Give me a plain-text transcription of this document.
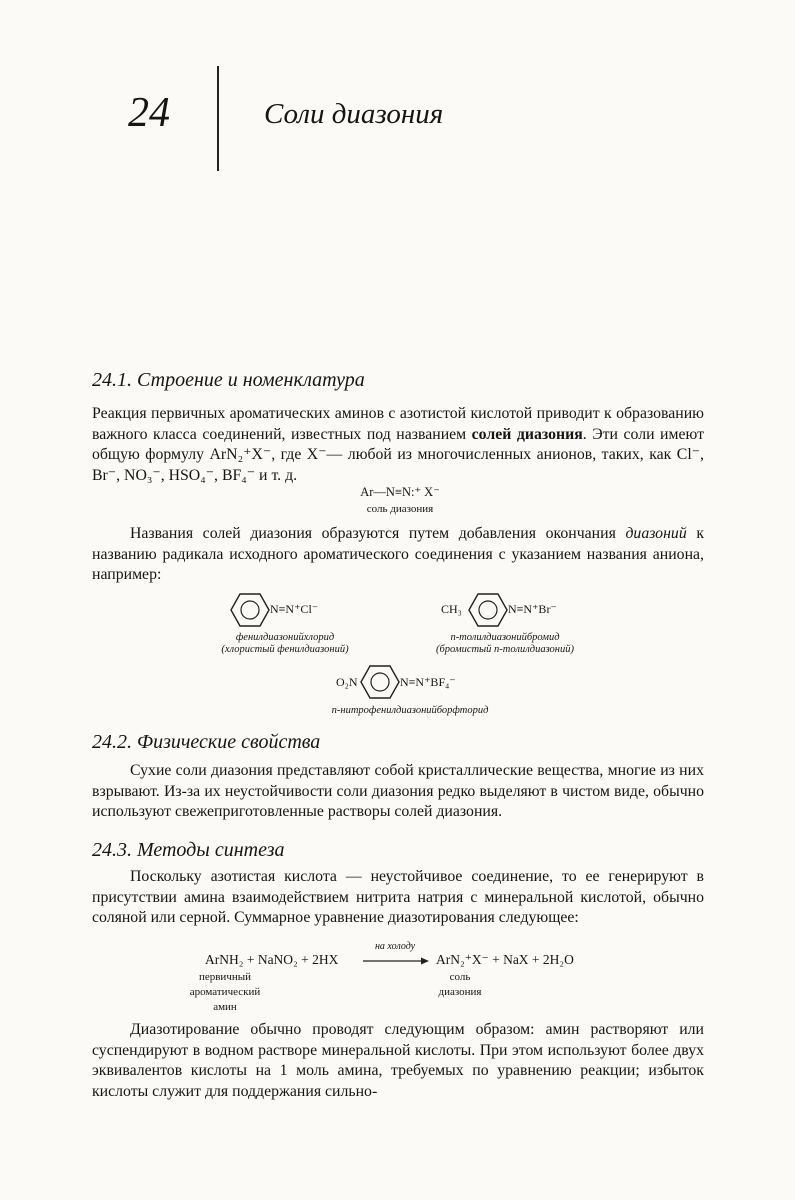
24	Соли диазония
24.1. Строение и номенклатура
Реакция первичных ароматических аминов с азотистой кислотой приводит к образованию важного класса соединений, известных под названием солей диазония. Эти соли имеют общую формулу ArN₂⁺X⁻, где X⁻— любой из многочисленных анионов, таких, как Cl⁻, Br⁻, NO₃⁻, HSO₄⁻, BF₄⁻ и т. д.
Ar—N≡N:⁺ X⁻
соль диазония
Названия солей диазония образуются путем добавления окончания диазоний к названию радикала исходного ароматического соединения с указанием названия аниона, например:
N≡N⁺Cl⁻
фенилдиазонийхлорид
(хлористый фенилдиазоний)
CH₃	N≡N⁺Br⁻
n-толилдиазонийбромид
(бромистый n-толилдиазоний)
O₂N	N≡N⁺BF₄⁻
n-нитрофенилдиазонийборфторид
24.2. Физические свойства
Сухие соли диазония представляют собой кристаллические вещества, многие из них взрывают. Из-за их неустойчивости соли диазония редко выделяют в чистом виде, обычно используют свежеприготовленные растворы солей диазония.
24.3. Методы синтеза
Поскольку азотистая кислота — неустойчивое соединение, то ее генерируют в присутствии амина взаимодействием нитрита натрия с минеральной кислотой, обычно соляной или серной. Суммарное уравнение диазотирования следующее:
ArNH₂ + NaNO₂ + 2HX
на холоду
ArN₂⁺X⁻ + NaX + 2H₂O
первичный
ароматический
амин
соль
диазония
Диазотирование обычно проводят следующим образом: амин растворяют или суспендируют в водном растворе минеральной кислоты. При этом используют более двух эквивалентов кислоты на 1 моль амина, требуемых по уравнению реакции; избыток кислоты служит для поддержания сильно-
